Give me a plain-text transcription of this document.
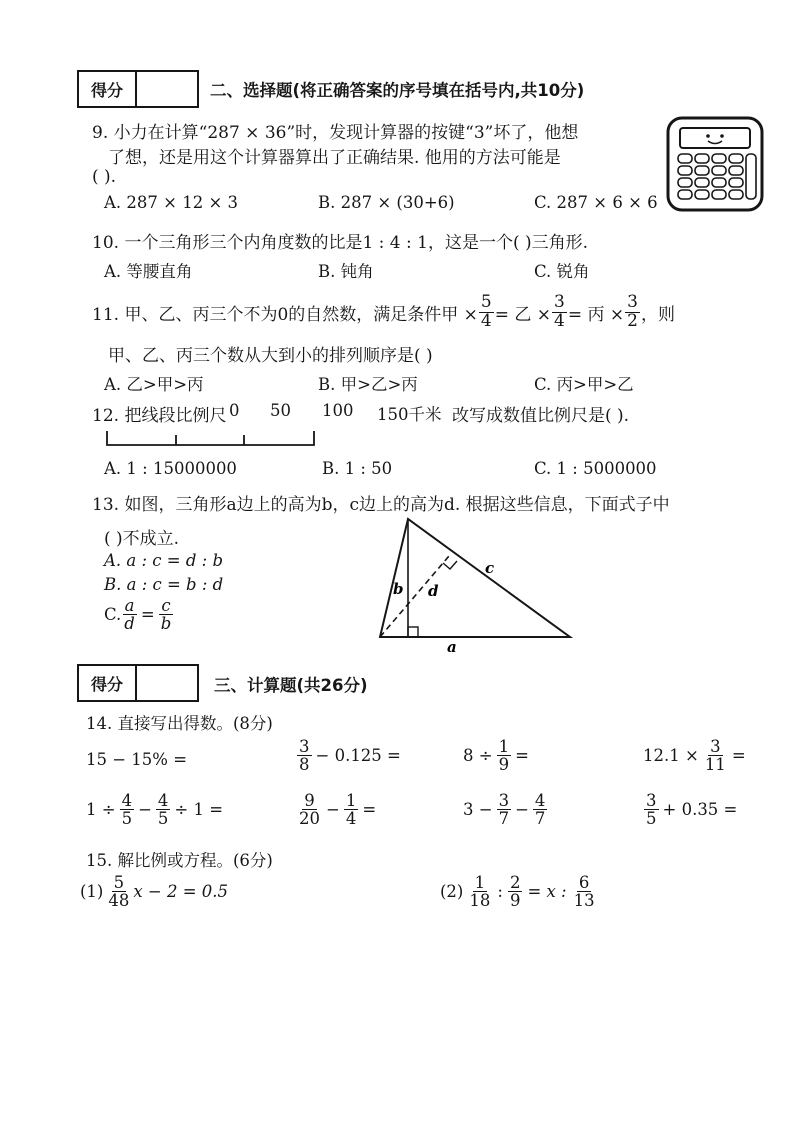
得分	二、选择题(将正确答案的序号填在括号内,共10分)
9. 小力在计算“287 × 36”时，发现计算器的按键“3”坏了，他想
了想，还是用这个计算器算出了正确结果. 他用的方法可能是
( ).
A. 287 × 12 × 3	B. 287 × (30+6)	C. 287 × 6 × 6
10. 一个三角形三个内角度数的比是1 : 4 : 1，这是一个( )三角形.
A. 等腰直角	B. 钝角	C. 锐角
11. 甲、乙、丙三个不为0的自然数，满足条件甲 × $\frac{5}{4}$ = 乙 × $\frac{3}{4}$ = 丙 × $\frac{3}{2}$ ，则
甲、乙、丙三个数从大到小的排列顺序是( )
A. 乙>甲>丙	B. 甲>乙>丙	C. 丙>甲>乙
12. 把线段比例尺 0 50 100 150千米 改写成数值比例尺是( ).
A. 1 : 15000000	B. 1 : 50	C. 1 : 5000000
13. 如图，三角形a边上的高为b，c边上的高为d. 根据这些信息，下面式子中
( )不成立.
A. a : c = d : b
B. a : c = b : d
C. $\frac{a}{d} = \frac{c}{b}$
b d
c
a
得分	三、计算题(共26分)
14. 直接写出得数。(8分)
15 − 15% =	$\frac{3}{8} - 0.125$ =	$8 \div \frac{1}{9}$ =	$12.1 \times \frac{3}{11}$ =
$1 \div \frac{4}{5} - \frac{4}{5} \div 1$ =	$\frac{9}{20} - \frac{1}{4}$ =	$3 - \frac{3}{7} - \frac{4}{7}$	$\frac{3}{5} + 0.35$ =
15. 解比例或方程。(6分)
$(1) \frac{5}{48}$ x − 2 = 0.5	$(2) \frac{1}{18}$ : $\frac{2}{9} = x$ : $\frac{6}{13}$
